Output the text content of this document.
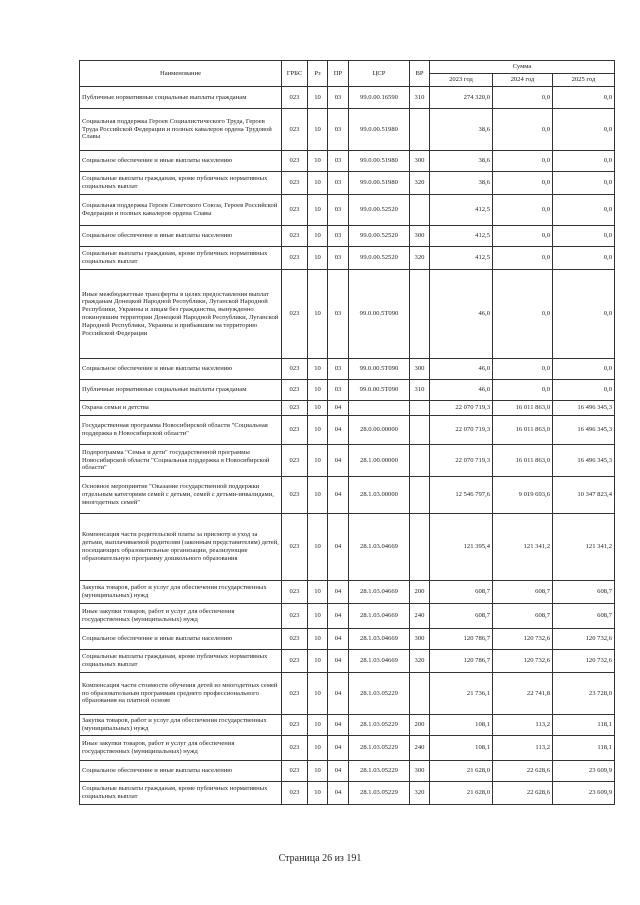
Наименование	ГРБС	Рз	ПР	ЦСР	ВР	Сумма		
						2023 год	2024 год	2025 год
Публичные нормативные социальные выплаты гражданам	023	10	03	99.0.00.16590	310	274 320,0	0,0	0,0
Социальная поддержка Героев Социалистического Труда, Героев Труда Российской Федерации и полных кавалеров ордена Трудовой Славы	023	10	03	99.0.00.51980		38,6	0,0	0,0
Социальное обеспечение и иные выплаты населению	023	10	03	99.0.00.51980	300	38,6	0,0	0,0
Социальные выплаты гражданам, кроме публичных нормативных социальных выплат	023	10	03	99.0.00.51980	320	38,6	0,0	0,0
Социальная поддержка Героев Советского Союза, Героев Российской Федерации и полных кавалеров ордена Славы	023	10	03	99.0.00.52520		412,5	0,0	0,0
Социальное обеспечение и иные выплаты населению	023	10	03	99.0.00.52520	300	412,5	0,0	0,0
Социальные выплаты гражданам, кроме публичных нормативных социальных выплат	023	10	03	99.0.00.52520	320	412,5	0,0	0,0
Иные межбюджетные трансферты в целях предоставления выплат гражданам Донецкой Народной Республики, Луганской Народной Республики, Украины и лицам без гражданства, вынужденно покинувшим территории Донецкой Народной Республики, Луганской Народной Республики, Украины и прибывшим на территорию Российской Федерации	023	10	03	99.0.00.5Т090		46,0	0,0	0,0
Социальное обеспечение и иные выплаты населению	023	10	03	99.0.00.5Т090	300	46,0	0,0	0,0
Публичные нормативные социальные выплаты гражданам	023	10	03	99.0.00.5Т090	310	46,0	0,0	0,0
Охрана семьи и детства	023	10	04			22 070 719,3	16 011 863,0	16 496 345,3
Государственная программа Новосибирской области "Социальная поддержка в Новосибирской области"	023	10	04	28.0.00.00000		22 070 719,3	16 011 863,0	16 496 345,3
Подпрограмма "Семья и дети" государственной программы Новосибирской области "Социальная поддержка в Новосибирской области"	023	10	04	28.1.00.00000		22 070 719,3	16 011 863,0	16 496 345,3
Основное мероприятие "Оказание государственной поддержки отдельным категориям семей с детьми, семей с детьми-инвалидами, многодетных семей"	023	10	04	28.1.03.00000		12 546 797,6	9 019 693,6	10 347 823,4
Компенсация части родительской платы за присмотр и уход за детьми, выплачиваемой родителям (законным представителям) детей, посещающих образовательные организации, реализующие образовательную программу дошкольного образования	023	10	04	28.1.03.04669		121 395,4	121 341,2	121 341,2
Закупка товаров, работ и услуг для обеспечения государственных (муниципальных) нужд	023	10	04	28.1.03.04669	200	608,7	608,7	608,7
Иные закупки товаров, работ и услуг для обеспечения государственных (муниципальных) нужд	023	10	04	28.1.03.04669	240	608,7	608,7	608,7
Социальное обеспечение и иные выплаты населению	023	10	04	28.1.03.04669	300	120 786,7	120 732,6	120 732,6
Социальные выплаты гражданам, кроме публичных нормативных социальных выплат	023	10	04	28.1.03.04669	320	120 786,7	120 732,6	120 732,6
Компенсация части стоимости обучения детей из многодетных семей по образовательным программам среднего профессионального образования на платной основе	023	10	04	28.1.03.05229		21 736,1	22 741,8	23 728,0
Закупка товаров, работ и услуг для обеспечения государственных (муниципальных) нужд	023	10	04	28.1.03.05229	200	108,1	113,2	118,1
Иные закупки товаров, работ и услуг для обеспечения государственных (муниципальных) нужд	023	10	04	28.1.03.05229	240	108,1	113,2	118,1
Социальное обеспечение и иные выплаты населению	023	10	04	28.1.03.05229	300	21 628,0	22 628,6	23 609,9
Социальные выплаты гражданам, кроме публичных нормативных социальных выплат	023	10	04	28.1.03.05229	320	21 628,0	22 628,6	23 609,9
Страница 26 из 191
